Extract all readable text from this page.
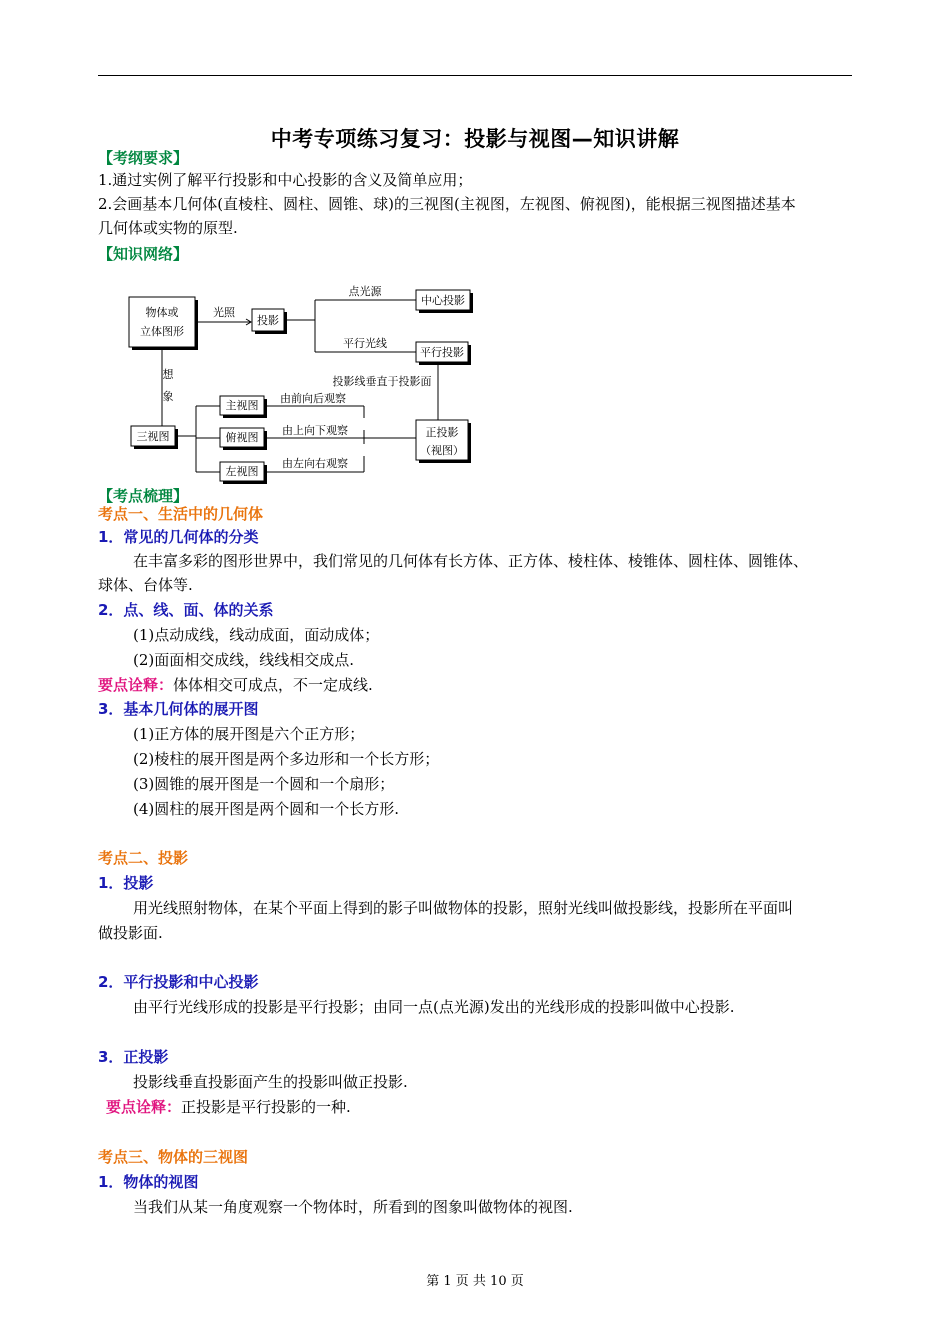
中考专项练习复习：投影与视图—知识讲解
【考纲要求】
1.通过实例了解平行投影和中心投影的含义及简单应用；
2.会画基本几何体(直棱柱、圆柱、圆锥、球)的三视图(主视图，左视图、俯视图)，能根据三视图描述基本
几何体或实物的原型.
【知识网络】
物体或
立体图形
光照
投影
点光源
平行光线
中心投影
平行投影
投影线垂直于投影面
想
象
三视图
主视图
俯视图
左视图
由前向后观察
由上向下观察
由左向右观察
正投影
（视图）
【考点梳理】
考点一、生活中的几何体
1．常见的几何体的分类
在丰富多彩的图形世界中，我们常见的几何体有长方体、正方体、棱柱体、棱锥体、圆柱体、圆锥体、
球体、台体等.
2．点、线、面、体的关系
(1)点动成线，线动成面，面动成体；
(2)面面相交成线，线线相交成点.
要点诠释：体体相交可成点，不一定成线.
3．基本几何体的展开图
(1)正方体的展开图是六个正方形；
(2)棱柱的展开图是两个多边形和一个长方形；
(3)圆锥的展开图是一个圆和一个扇形；
(4)圆柱的展开图是两个圆和一个长方形.
考点二、投影
1．投影
用光线照射物体，在某个平面上得到的影子叫做物体的投影，照射光线叫做投影线，投影所在平面叫
做投影面.
2．平行投影和中心投影
由平行光线形成的投影是平行投影；由同一点(点光源)发出的光线形成的投影叫做中心投影.
3．正投影
投影线垂直投影面产生的投影叫做正投影.
要点诠释：正投影是平行投影的一种.
考点三、物体的三视图
1．物体的视图
当我们从某一角度观察一个物体时，所看到的图象叫做物体的视图.
第 1 页 共 10 页
